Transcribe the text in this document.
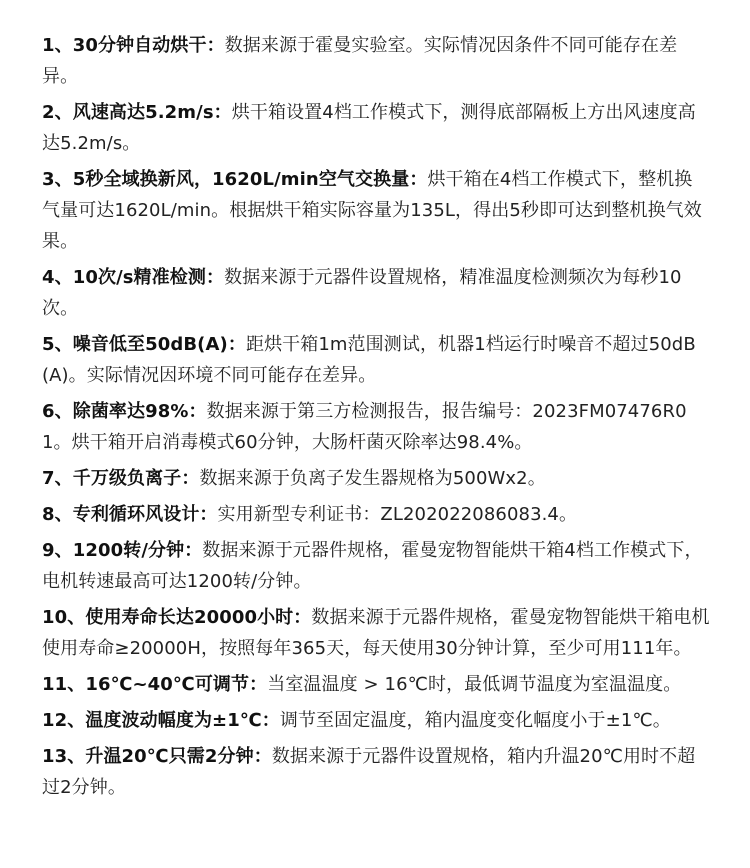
1、30分钟自动烘干：数据来源于霍曼实验室。实际情况因条件不同可能存在差异。

2、风速高达5.2m/s：烘干箱设置4档工作模式下，测得底部隔板上方出风速度高达5.2m/s。

3、5秒全域换新风，1620L/min空气交换量：烘干箱在4档工作模式下，整机换气量可达1620L/min。根据烘干箱实际容量为135L，得出5秒即可达到整机换气效果。

4、10次/s精准检测：数据来源于元器件设置规格，精准温度检测频次为每秒10次。

5、噪音低至50dB(A)：距烘干箱1m范围测试，机器1档运行时噪音不超过50dB(A)。实际情况因环境不同可能存在差异。

6、除菌率达98%：数据来源于第三方检测报告，报告编号：2023FM07476R01。烘干箱开启消毒模式60分钟，大肠杆菌灭除率达98.4%。

7、千万级负离子：数据来源于负离子发生器规格为500Wx2。

8、专利循环风设计：实用新型专利证书：ZL202022086083.4。

9、1200转/分钟：数据来源于元器件规格，霍曼宠物智能烘干箱4档工作模式下，电机转速最高可达1200转/分钟。

10、使用寿命长达20000小时：数据来源于元器件规格，霍曼宠物智能烘干箱电机使用寿命≥20000H，按照每年365天，每天使用30分钟计算，至少可用111年。

11、16℃~40℃可调节：当室温温度 > 16℃时，最低调节温度为室温温度。

12、温度波动幅度为±1℃：调节至固定温度，箱内温度变化幅度小于±1℃。

13、升温20℃只需2分钟：数据来源于元器件设置规格，箱内升温20℃用时不超过2分钟。
